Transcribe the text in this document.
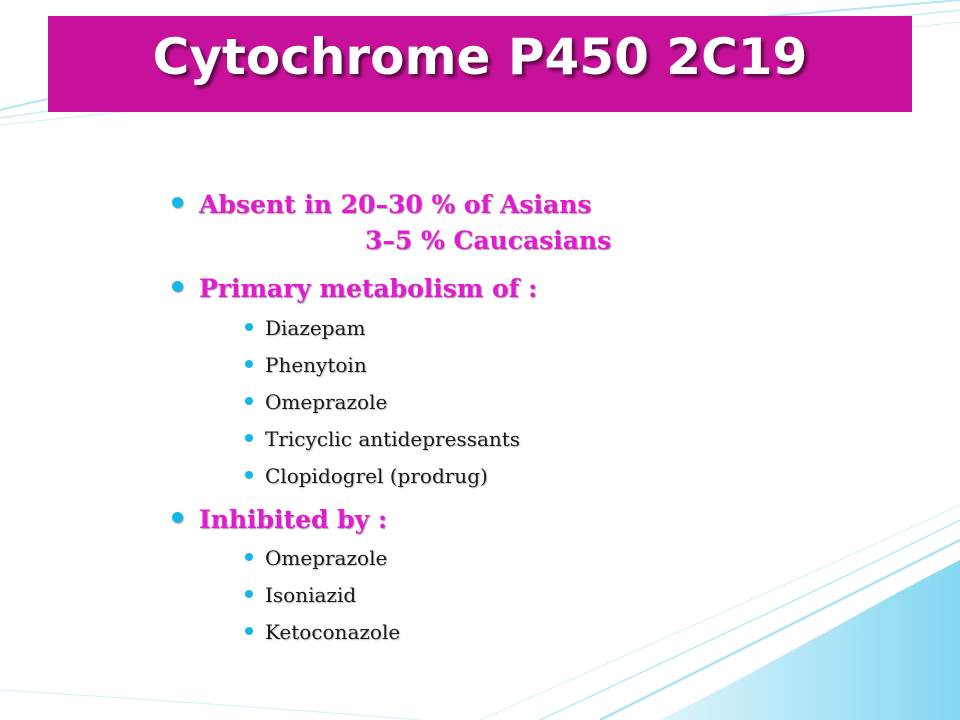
Cytochrome P450 2C19
Absent in 20–30 % of Asians
3–5 % Caucasians
Primary metabolism of :
Diazepam
Phenytoin
Omeprazole
Tricyclic antidepressants
Clopidogrel (prodrug)
Inhibited by :
Omeprazole
Isoniazid
Ketoconazole
